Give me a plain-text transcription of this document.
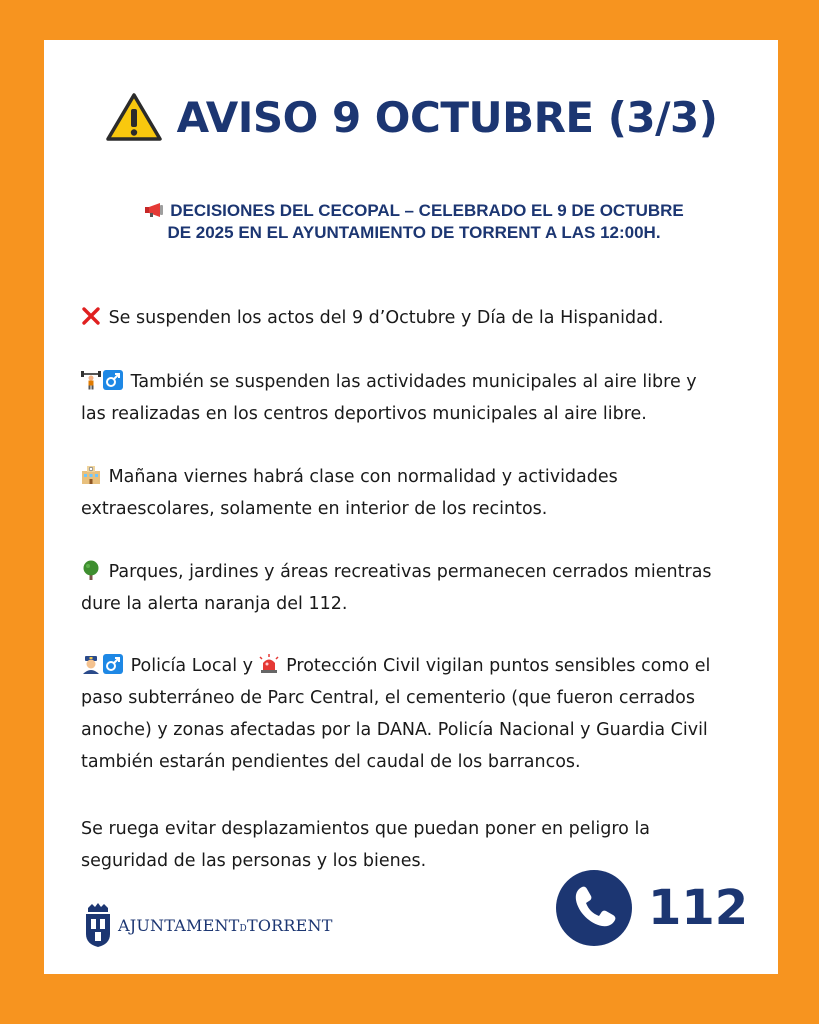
AVISO 9 OCTUBRE (3/3)
DECISIONES DEL CECOPAL – CELEBRADO EL 9 DE OCTUBRE
DE 2025 EN EL AYUNTAMIENTO DE TORRENT A LAS 12:00H.
Se suspenden los actos del 9 d’Octubre y Día de la Hispanidad.
También se suspenden las actividades municipales al aire libre y
las realizadas en los centros deportivos municipales al aire libre.
Mañana viernes habrá clase con normalidad y actividades
extraescolares, solamente en interior de los recintos.
Parques, jardines y áreas recreativas permanecen cerrados mientras
dure la alerta naranja del 112.
Policía Local y Protección Civil vigilan puntos sensibles como el
paso subterráneo de Parc Central, el cementerio (que fueron cerrados
anoche) y zonas afectadas por la DANA. Policía Nacional y Guardia Civil
también estarán pendientes del caudal de los barrancos.
Se ruega evitar desplazamientos que puedan poner en peligro la
seguridad de las personas y los bienes.
AJUNTAMENTDTORRENT	112
